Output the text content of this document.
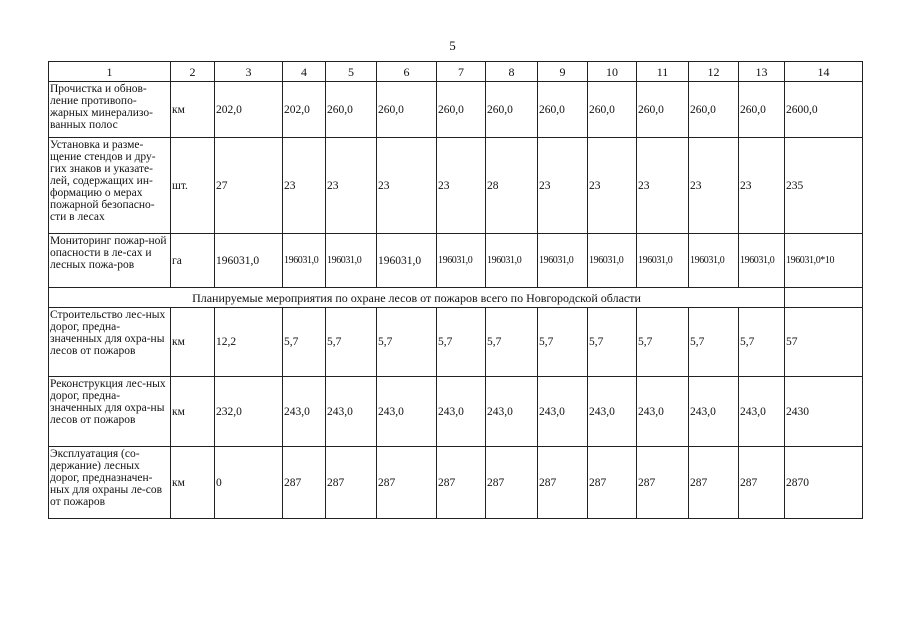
5
1	2	3	4	5	6	7	8	9	10	11	12	13	14
Прочистка и обнов-ление противопо-жарных минерализо-ванных полос	км	202,0	202,0	260,0	260,0	260,0	260,0	260,0	260,0	260,0	260,0	260,0	2600,0
Установка и разме-щение стендов и дру-гих знаков и указате-лей, содержащих ин-формацию о мерах пожарной безопасно-сти в лесах	шт.	27	23	23	23	23	28	23	23	23	23	23	235
Мониторинг пожар-ной опасности в ле-сах и лесных пожа-ров	га	196031,0	196031,0	196031,0	196031,0	196031,0	196031,0	196031,0	196031,0	196031,0	196031,0	196031,0	196031,0*10
Планируемые мероприятия по охране лесов от пожаров всего по Новгородской области													
Строительство лес-ных дорог, предна-значенных для охра-ны лесов от пожаров	км	12,2	5,7	5,7	5,7	5,7	5,7	5,7	5,7	5,7	5,7	5,7	57
Реконструкция лес-ных дорог, предна-значенных для охра-ны лесов от пожаров	км	232,0	243,0	243,0	243,0	243,0	243,0	243,0	243,0	243,0	243,0	243,0	2430
Эксплуатация (со-держание) лесных дорог, предназначен-ных для охраны ле-сов от пожаров	км	0	287	287	287	287	287	287	287	287	287	287	2870
